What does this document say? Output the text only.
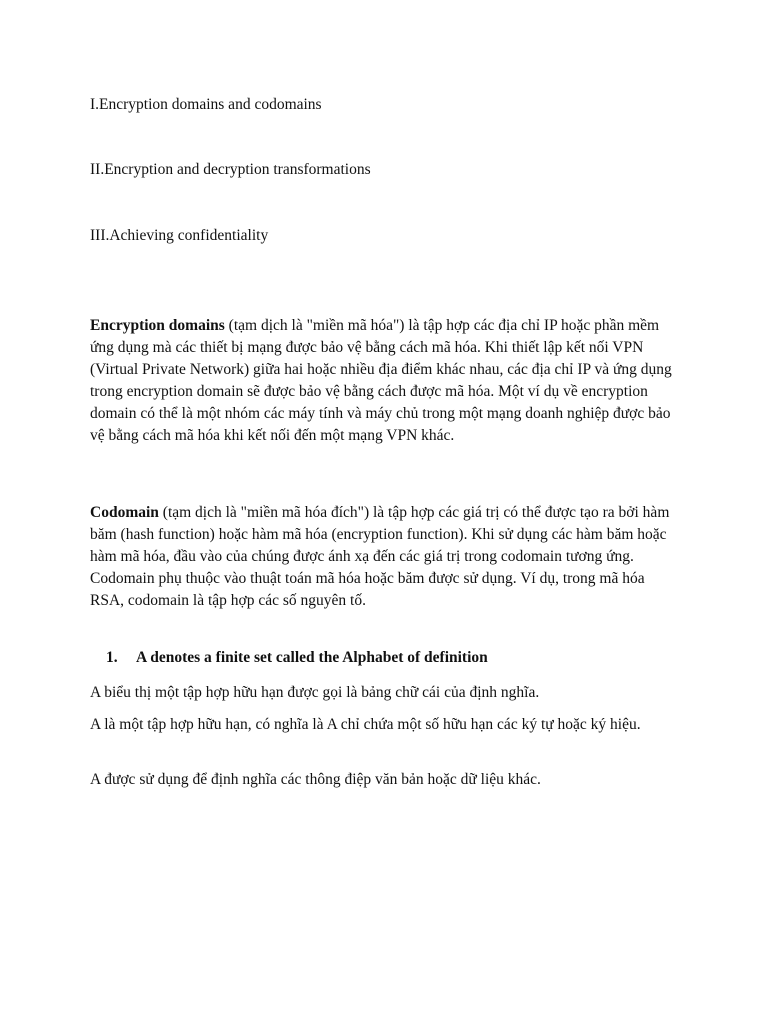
I.Encryption domains and codomains
II.Encryption and decryption transformations
III.Achieving confidentiality

Encryption domains (tạm dịch là "miền mã hóa") là tập hợp các địa chỉ IP hoặc phần mềm ứng dụng mà các thiết bị mạng được bảo vệ bằng cách mã hóa. Khi thiết lập kết nối VPN (Virtual Private Network) giữa hai hoặc nhiều địa điểm khác nhau, các địa chỉ IP và ứng dụng trong encryption domain sẽ được bảo vệ bằng cách được mã hóa. Một ví dụ về encryption domain có thể là một nhóm các máy tính và máy chủ trong một mạng doanh nghiệp được bảo vệ bằng cách mã hóa khi kết nối đến một mạng VPN khác.

Codomain (tạm dịch là "miền mã hóa đích") là tập hợp các giá trị có thể được tạo ra bởi hàm băm (hash function) hoặc hàm mã hóa (encryption function). Khi sử dụng các hàm băm hoặc hàm mã hóa, đầu vào của chúng được ánh xạ đến các giá trị trong codomain tương ứng. Codomain phụ thuộc vào thuật toán mã hóa hoặc băm được sử dụng. Ví dụ, trong mã hóa RSA, codomain là tập hợp các số nguyên tố.

1. A denotes a finite set called the Alphabet of definition

A biểu thị một tập hợp hữu hạn được gọi là bảng chữ cái của định nghĩa.

A là một tập hợp hữu hạn, có nghĩa là A chỉ chứa một số hữu hạn các ký tự hoặc ký hiệu.

A được sử dụng để định nghĩa các thông điệp văn bản hoặc dữ liệu khác.
